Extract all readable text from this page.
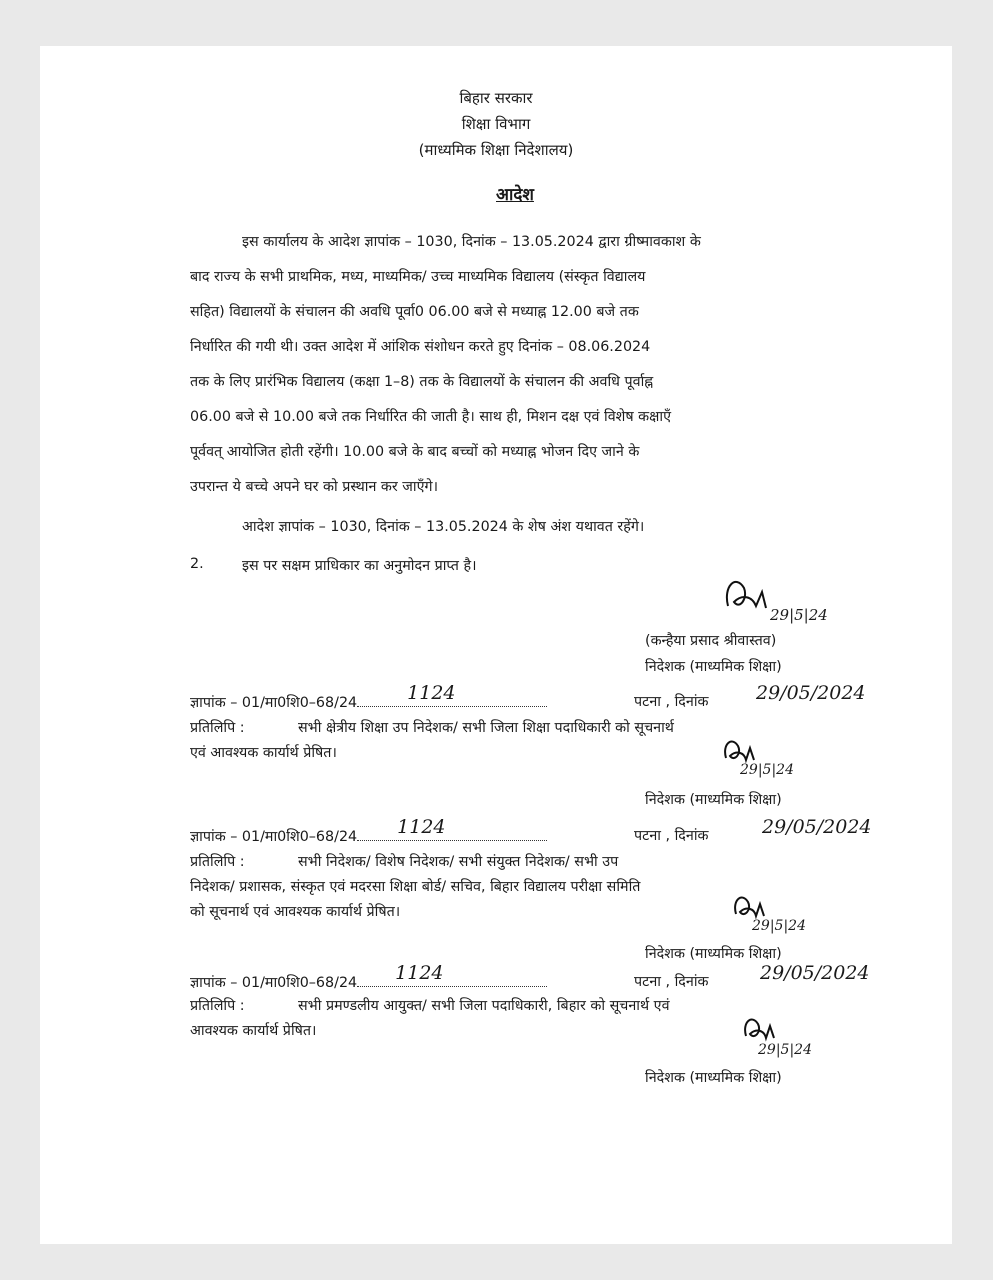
बिहार सरकार
शिक्षा विभाग
(माध्यमिक शिक्षा निदेशालय)
आदेश
इस कार्यालय के आदेश ज्ञापांक – 1030, दिनांक – 13.05.2024 द्वारा ग्रीष्मावकाश के
बाद राज्य के सभी प्राथमिक, मध्य, माध्यमिक/ उच्च माध्यमिक विद्यालय (संस्कृत विद्यालय
सहित) विद्यालयों के संचालन की अवधि पूर्वा0 06.00 बजे से मध्याह्न 12.00 बजे तक
निर्धारित की गयी थी। उक्त आदेश में आंशिक संशोधन करते हुए दिनांक – 08.06.2024
तक के लिए प्रारंभिक विद्यालय (कक्षा 1–8) तक के विद्यालयों के संचालन की अवधि पूर्वाह्न
06.00 बजे से 10.00 बजे तक निर्धारित की जाती है। साथ ही, मिशन दक्ष एवं विशेष कक्षाएँ
पूर्ववत् आयोजित होती रहेंगी। 10.00 बजे के बाद बच्चों को मध्याह्न भोजन दिए जाने के
उपरान्त ये बच्चे अपने घर को प्रस्थान कर जाएँगे।
आदेश ज्ञापांक – 1030, दिनांक – 13.05.2024 के शेष अंश यथावत रहेंगे।
2.	इस पर सक्षम प्राधिकार का अनुमोदन प्राप्त है।
29|5|24
(कन्हैया प्रसाद श्रीवास्तव)
निदेशक (माध्यमिक शिक्षा)
ज्ञापांक – 01/मा0शि0–68/24	1124	पटना , दिनांक 29/05/2024
प्रतिलिपि :	सभी क्षेत्रीय शिक्षा उप निदेशक/ सभी जिला शिक्षा पदाधिकारी को सूचनार्थ
एवं आवश्यक कार्यार्थ प्रेषित।
29|5|24
निदेशक (माध्यमिक शिक्षा)
ज्ञापांक – 01/मा0शि0–68/24 1124	पटना , दिनांक	29/05/2024
प्रतिलिपि :	सभी निदेशक/ विशेष निदेशक/ सभी संयुक्त निदेशक/ सभी उप
निदेशक/ प्रशासक, संस्कृत एवं मदरसा शिक्षा बोर्ड/ सचिव, बिहार विद्यालय परीक्षा समिति
को सूचनार्थ एवं आवश्यक कार्यार्थ प्रेषित।
29|5|24
निदेशक (माध्यमिक शिक्षा)
ज्ञापांक – 01/मा0शि0–68/24 1124	पटना , दिनांक	29/05/2024
प्रतिलिपि :	सभी प्रमण्डलीय आयुक्त/ सभी जिला पदाधिकारी, बिहार को सूचनार्थ एवं
आवश्यक कार्यार्थ प्रेषित।
29|5|24
निदेशक (माध्यमिक शिक्षा)
